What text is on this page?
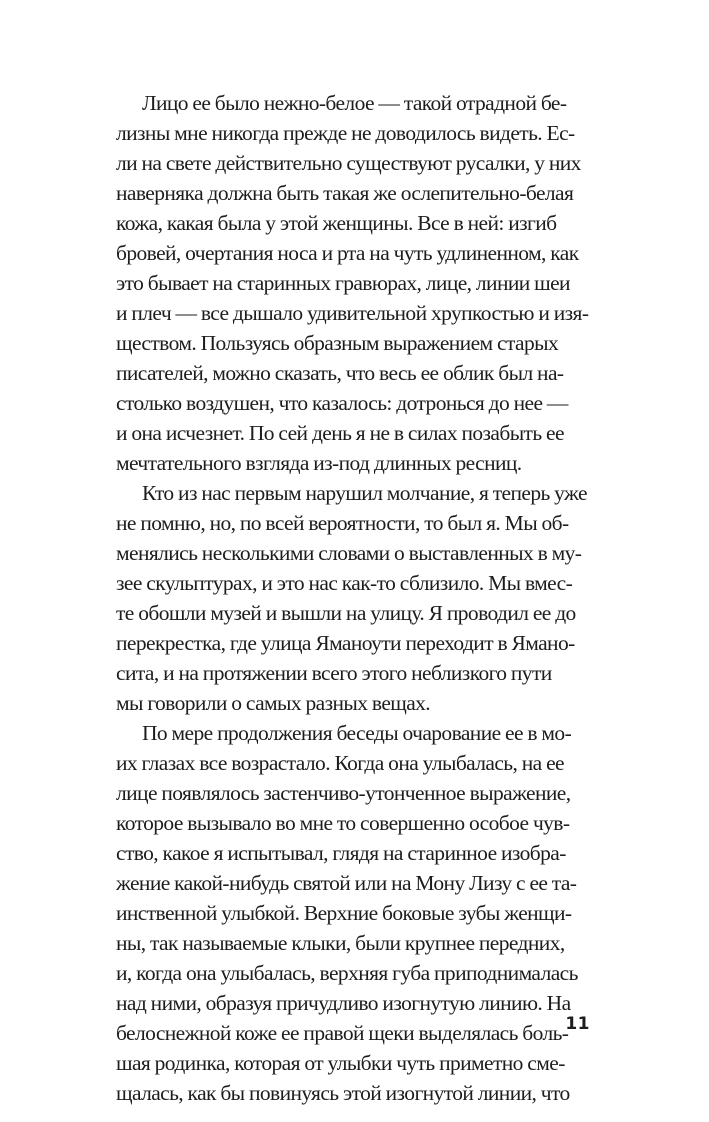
Лицо ее было нежно-белое — такой отрадной бе-
лизны мне никогда прежде не доводилось видеть. Ес-
ли на свете действительно существуют русалки, у них
наверняка должна быть такая же ослепительно-белая
кожа, какая была у этой женщины. Все в ней: изгиб
бровей, очертания носа и рта на чуть удлиненном, как
это бывает на старинных гравюрах, лице, линии шеи
и плеч — все дышало удивительной хрупкостью и изя-
ществом. Пользуясь образным выражением старых
писателей, можно сказать, что весь ее облик был на-
столько воздушен, что казалось: дотронься до нее —
и она исчезнет. По сей день я не в силах позабыть ее
мечтательного взгляда из-под длинных ресниц.
Кто из нас первым нарушил молчание, я теперь уже
не помню, но, по всей вероятности, то был я. Мы об-
менялись несколькими словами о выставленных в му-
зее скульптурах, и это нас как-то сблизило. Мы вмес-
те обошли музей и вышли на улицу. Я проводил ее до
перекрестка, где улица Яманоути переходит в Ямано-
сита, и на протяжении всего этого неблизкого пути
мы говорили о самых разных вещах.
По мере продолжения беседы очарование ее в мо-
их глазах все возрастало. Когда она улыбалась, на ее
лице появлялось застенчиво-утонченное выражение,
которое вызывало во мне то совершенно особое чув-
ство, какое я испытывал, глядя на старинное изобра-
жение какой-нибудь святой или на Мону Лизу с ее та-
инственной улыбкой. Верхние боковые зубы женщи-
ны, так называемые клыки, были крупнее передних,
и, когда она улыбалась, верхняя губа приподнималась
над ними, образуя причудливо изогнутую линию. На
белоснежной коже ее правой щеки выделялась боль-
шая родинка, которая от улыбки чуть приметно сме-
щалась, как бы повинуясь этой изогнутой линии, что
11
